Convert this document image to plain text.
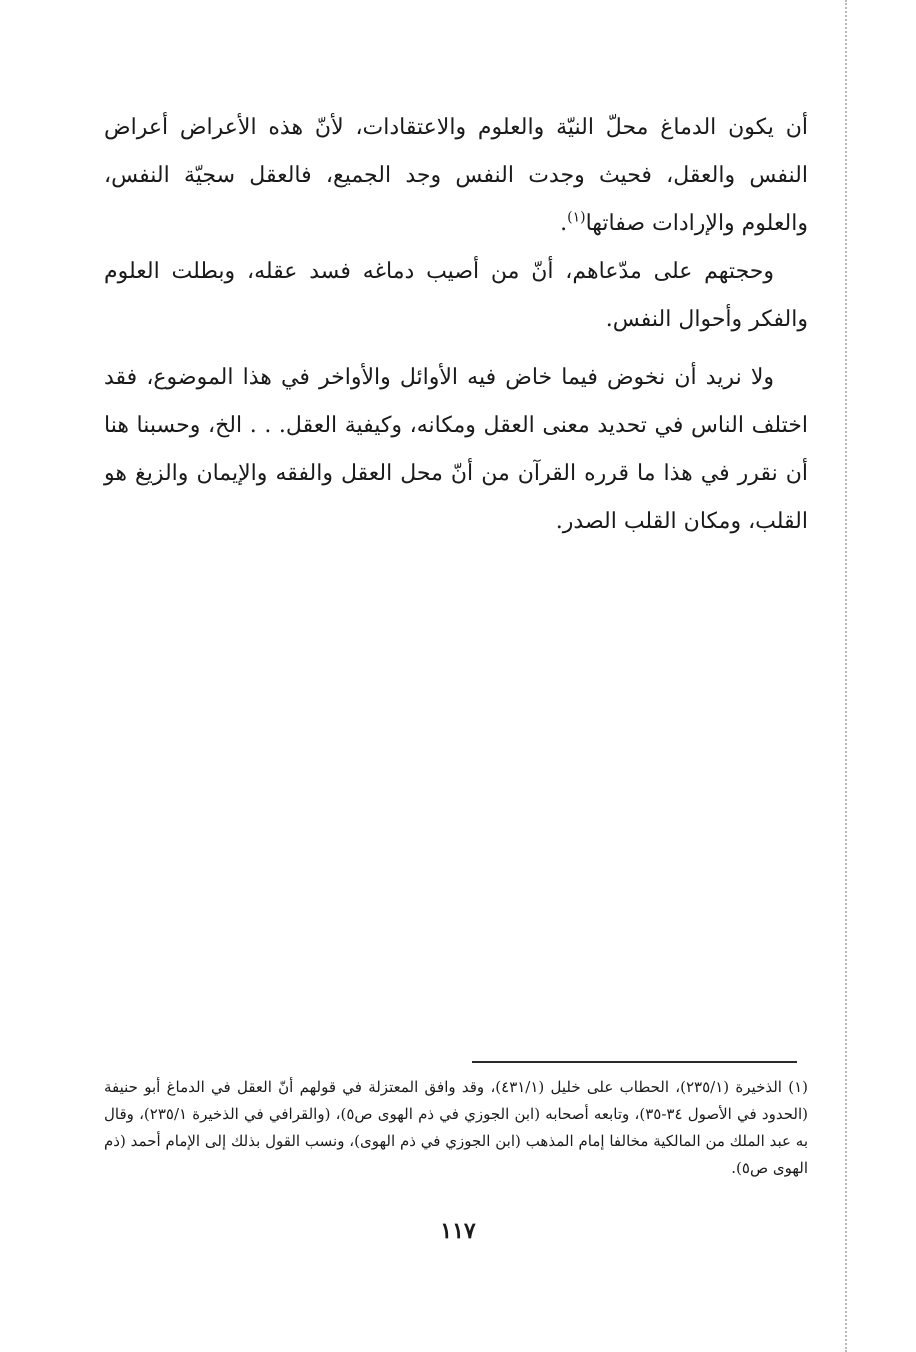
أن يكون الدماغ محلّ النيّة والعلوم والاعتقادات، لأنّ هذه الأعراض أعراض النفس والعقل، فحيث وجدت النفس وجد الجميع، فالعقل سجيّة النفس، والعلوم والإرادات صفاتها$^{(١)}$.

وحجتهم على مدّعاهم، أنّ من أصيب دماغه فسد عقله، وبطلت العلوم والفكر وأحوال النفس.

ولا نريد أن نخوض فيما خاض فيه الأوائل والأواخر في هذا الموضوع، فقد اختلف الناس في تحديد معنى العقل ومكانه، وكيفية العقل. . . الخ، وحسبنا هنا أن نقرر في هذا ما قرره القرآن من أنّ محل العقل والفقه والإيمان والزيغ هو القلب، ومكان القلب الصدر.

(١) الذخيرة (٢٣٥/١)، الحطاب على خليل (٤٣١/١)، وقد وافق المعتزلة في قولهم أنّ العقل في الدماغ أبو حنيفة (الحدود في الأصول ٣٤-٣٥)، وتابعه أصحابه (ابن الجوزي في ذم الهوى ص٥)، (والقرافي في الذخيرة ٢٣٥/١)، وقال به عبد الملك من المالكية مخالفا إمام المذهب (ابن الجوزي في ذم الهوى)، ونسب القول بذلك إلى الإمام أحمد (ذم الهوى ص٥).

١١٧
